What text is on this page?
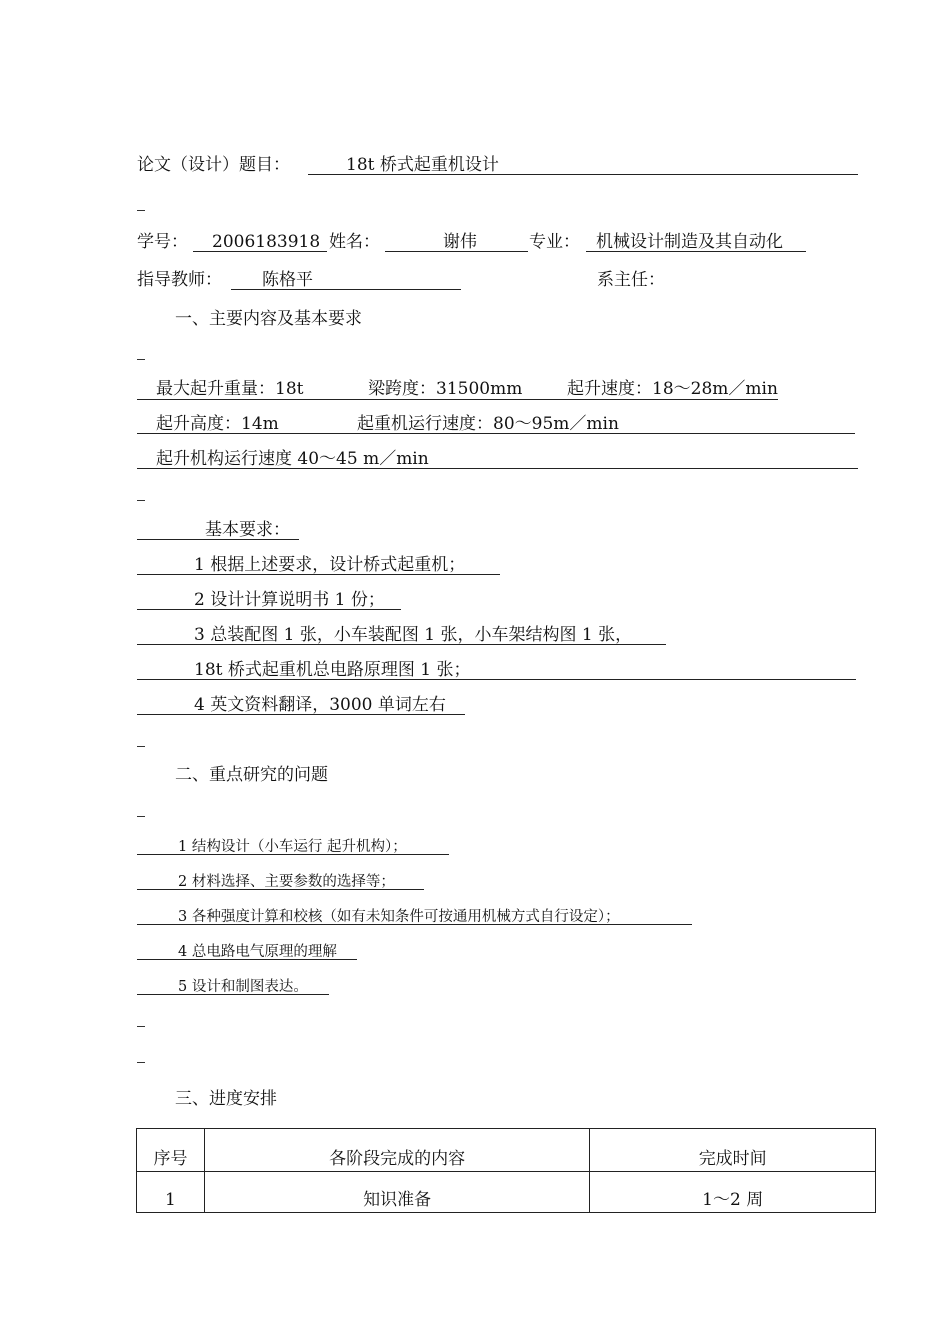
论文（设计）题目：	18t 桥式起重机设计
学号： 2006183918 姓名：	谢伟	专业： 机械设计制造及其自动化
指导教师： 陈格平	系主任：
一、主要内容及基本要求
最大起升重量：18t	梁跨度：31500mm	起升速度：18～28m／min
起升高度：14m	起重机运行速度：80～95m／min
起升机构运行速度 40～45 m／min
基本要求：
1 根据上述要求，设计桥式起重机；
2 设计计算说明书 1 份；
3 总装配图 1 张，小车装配图 1 张，小车架结构图 1 张，
18t 桥式起重机总电路原理图 1 张；
4 英文资料翻译，3000 单词左右
二、重点研究的问题
1 结构设计（小车运行 起升机构）；
2 材料选择、主要参数的选择等；
3 各种强度计算和校核（如有未知条件可按通用机械方式自行设定）；
4 总电路电气原理的理解
5 设计和制图表达。
三、进度安排
序号	各阶段完成的内容	完成时间
1	知识准备	1～2 周
